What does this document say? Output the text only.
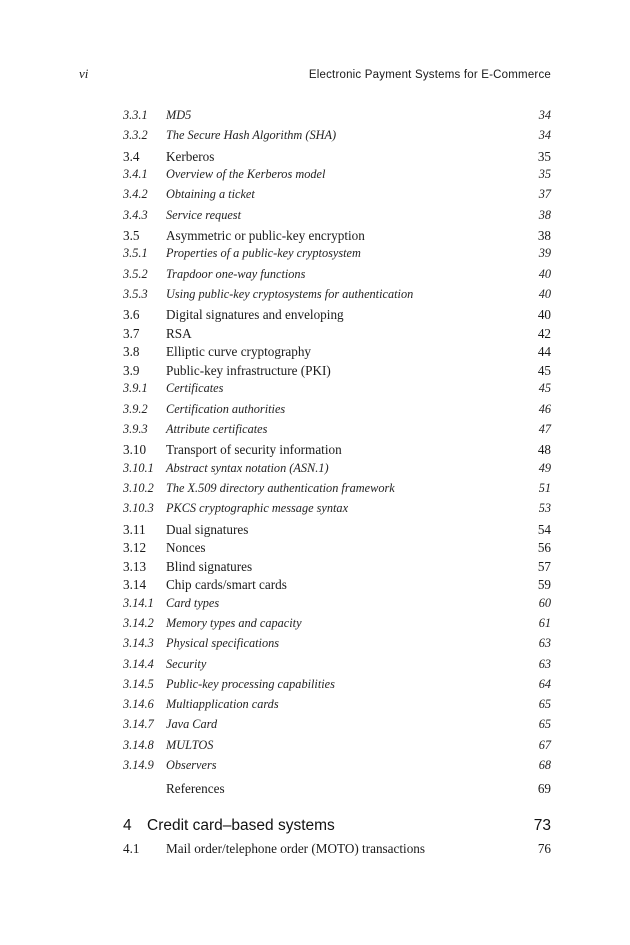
vi	Electronic Payment Systems for E-Commerce
3.3.1	MD5	34
3.3.2	The Secure Hash Algorithm (SHA)	34
3.4	Kerberos	35
3.4.1	Overview of the Kerberos model	35
3.4.2	Obtaining a ticket	37
3.4.3	Service request	38
3.5	Asymmetric or public-key encryption	38
3.5.1	Properties of a public-key cryptosystem	39
3.5.2	Trapdoor one-way functions	40
3.5.3	Using public-key cryptosystems for authentication	40
3.6	Digital signatures and enveloping	40
3.7	RSA	42
3.8	Elliptic curve cryptography	44
3.9	Public-key infrastructure (PKI)	45
3.9.1	Certificates	45
3.9.2	Certification authorities	46
3.9.3	Attribute certificates	47
3.10	Transport of security information	48
3.10.1 Abstract syntax notation (ASN.1)	49
3.10.2 The X.509 directory authentication framework	51
3.10.3 PKCS cryptographic message syntax	53
3.11	Dual signatures	54
3.12	Nonces	56
3.13	Blind signatures	57
3.14	Chip cards/smart cards	59
3.14.1 Card types	60
3.14.2 Memory types and capacity	61
3.14.3 Physical specifications	63
3.14.4 Security	63
3.14.5 Public-key processing capabilities	64
3.14.6 Multiapplication cards	65
3.14.7 Java Card	65
3.14.8 MULTOS	67
3.14.9 Observers	68
References	69
4 Credit card–based systems	73
4.1	Mail order/telephone order (MOTO) transactions	76
